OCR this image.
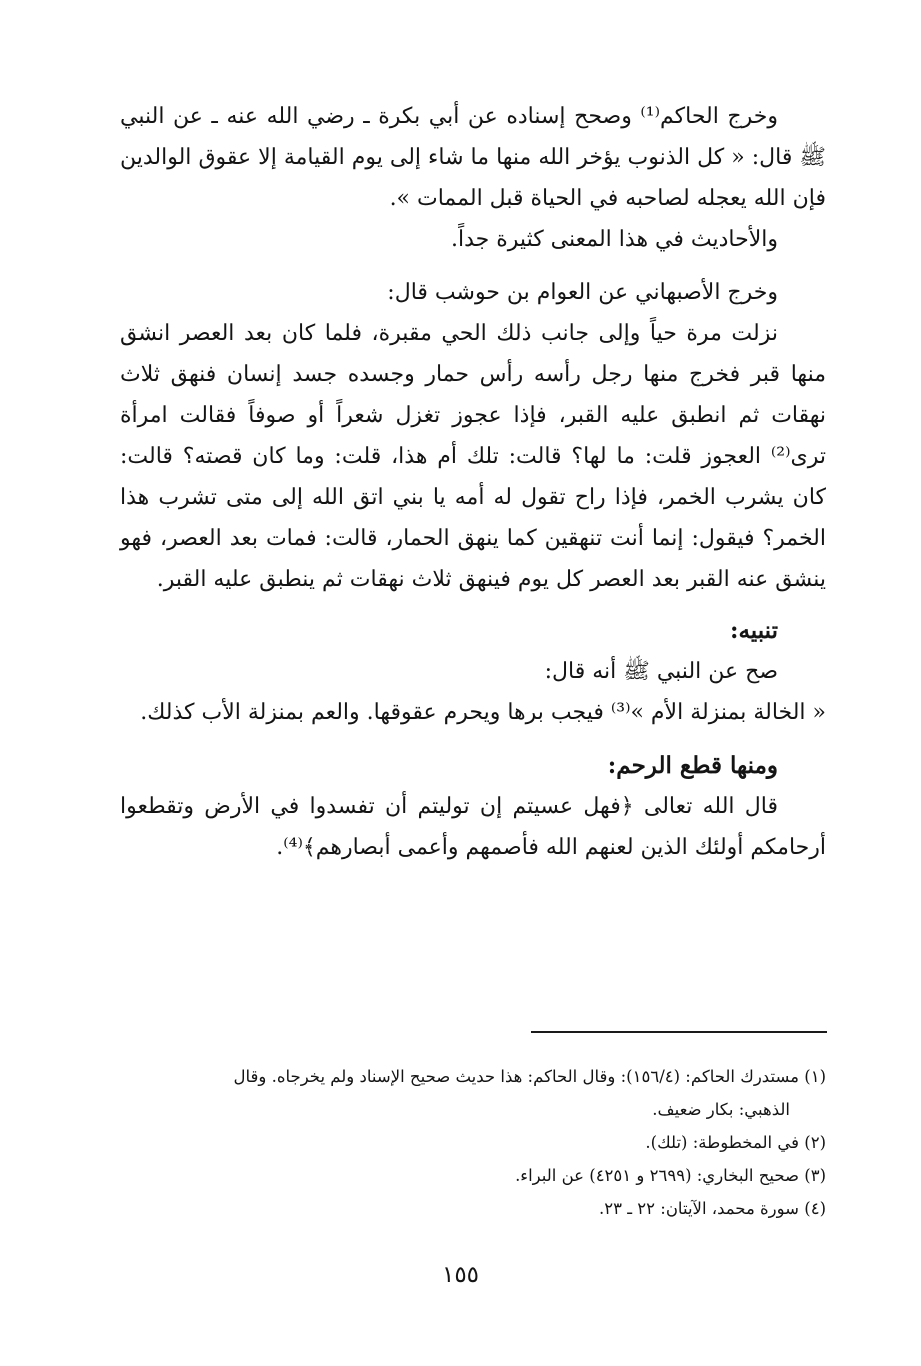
وخرج الحاكم⁽¹⁾ وصحح إسناده عن أبي بكرة ـ رضي الله عنه ـ عن النبي ﷺ قال: « كل الذنوب يؤخر الله منها ما شاء إلى يوم القيامة إلا عقوق الوالدين فإن الله يعجله لصاحبه في الحياة قبل الممات ».

والأحاديث في هذا المعنى كثيرة جداً.

وخرج الأصبهاني عن العوام بن حوشب قال:

نزلت مرة حياً وإلى جانب ذلك الحي مقبرة، فلما كان بعد العصر انشق منها قبر فخرج منها رجل رأسه رأس حمار وجسده جسد إنسان فنهق ثلاث نهقات ثم انطبق عليه القبر، فإذا عجوز تغزل شعراً أو صوفاً فقالت امرأة ترى⁽²⁾ العجوز قلت: ما لها؟ قالت: تلك أم هذا، قلت: وما كان قصته؟ قالت: كان يشرب الخمر، فإذا راح تقول له أمه يا بني اتق الله إلى متى تشرب هذا الخمر؟ فيقول: إنما أنت تنهقين كما ينهق الحمار، قالت: فمات بعد العصر، فهو ينشق عنه القبر بعد العصر كل يوم فينهق ثلاث نهقات ثم ينطبق عليه القبر.

تنبيه:

صح عن النبي ﷺ أنه قال:

« الخالة بمنزلة الأم »⁽³⁾ فيجب برها ويحرم عقوقها. والعم بمنزلة الأب كذلك.

ومنها قطع الرحم:

قال الله تعالى ﴿فهل عسيتم إن توليتم أن تفسدوا في الأرض وتقطعوا أرحامكم أولئك الذين لعنهم الله فأصمهم وأعمى أبصارهم﴾⁽⁴⁾.

(١) مستدرك الحاكم: (١٥٦/٤): وقال الحاكم: هذا حديث صحيح الإسناد ولم يخرجاه. وقال

الذهبي: بكار ضعيف.

(٢) في المخطوطة: (تلك).

(٣) صحيح البخاري: (٢٦٩٩ و ٤٢٥١) عن البراء.

(٤) سورة محمد، الآيتان: ٢٢ ـ ٢٣.

١٥٥
